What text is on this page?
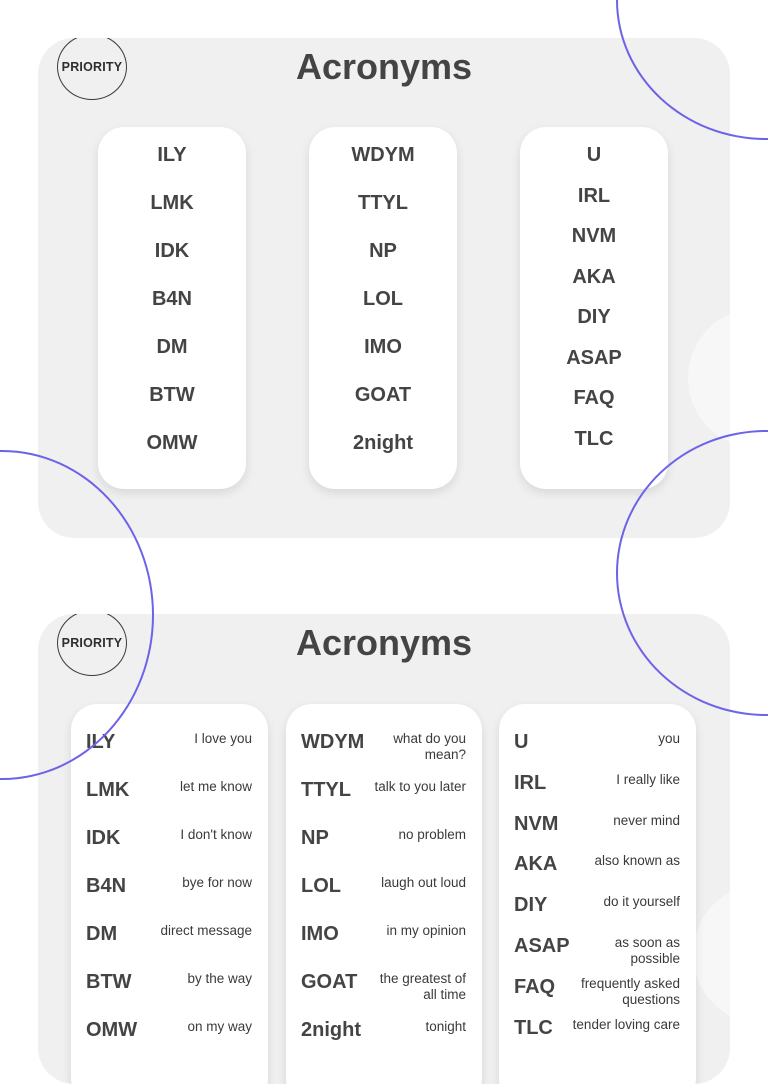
PRIORITY	Acronyms
ILY
LMK
IDK
B4N
DM
BTW
OMW
WDYM
TTYL
NP
LOL
IMO
GOAT
2night
U
IRL
NVM
AKA
DIY
ASAP
FAQ
TLC
PRIORITY	Acronyms
ILY	I love you
LMK	let me know
IDK	I don't know
B4N	bye for now
DM	direct message
BTW	by the way
OMW	on my way
WDYM	what do you mean?
TTYL talk to you later
NP	no problem
LOL	laugh out loud
IMO	in my opinion
GOAT	the greatest of all time
2night	tonight
U	you
IRL	I really like
NVM	never mind
AKA	also known as
DIY	do it yourself
ASAP	as soon as possible
FAQ	frequently asked questions
TLC tender loving care
